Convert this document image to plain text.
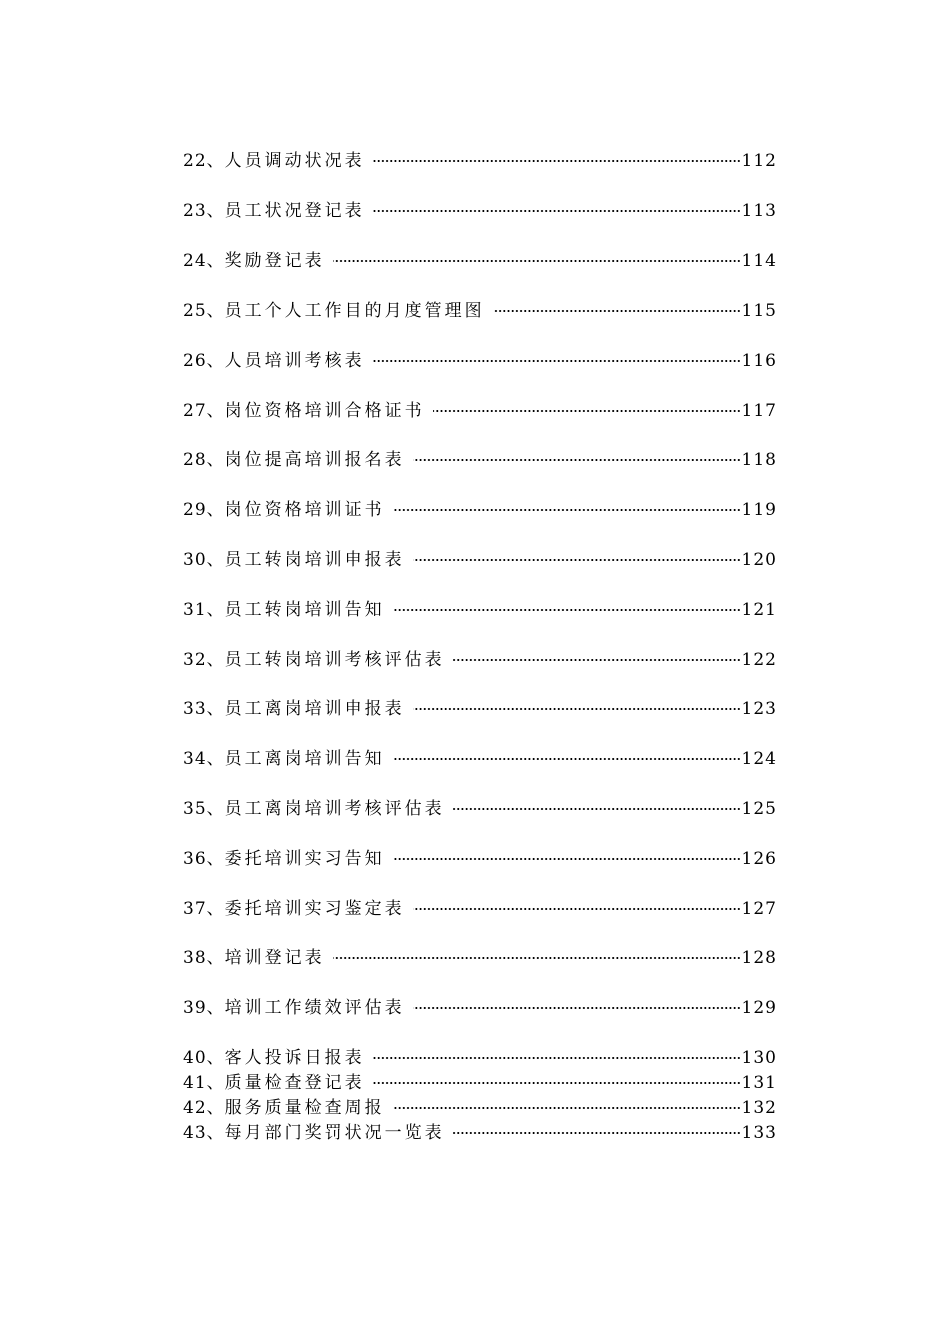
22、 人员调动状况表	112
23、 员工状况登记表	113
24、 奖励登记表	114
25、 员工个人工作目的月度管理图	115
26、 人员培训考核表	116
27、 岗位资格培训合格证书	117
28、 岗位提高培训报名表	118
29、 岗位资格培训证书	119
30、 员工转岗培训申报表	120
31、 员工转岗培训告知	121
32、 员工转岗培训考核评估表	122
33、 员工离岗培训申报表	123
34、 员工离岗培训告知	124
35、 员工离岗培训考核评估表	125
36、 委托培训实习告知	126
37、 委托培训实习鉴定表	127
38、 培训登记表	128
39、 培训工作绩效评估表	129
40、 客人投诉日报表	130
41、 质量检查登记表	131
42、 服务质量检查周报	132
43、 每月部门奖罚状况一览表	133
